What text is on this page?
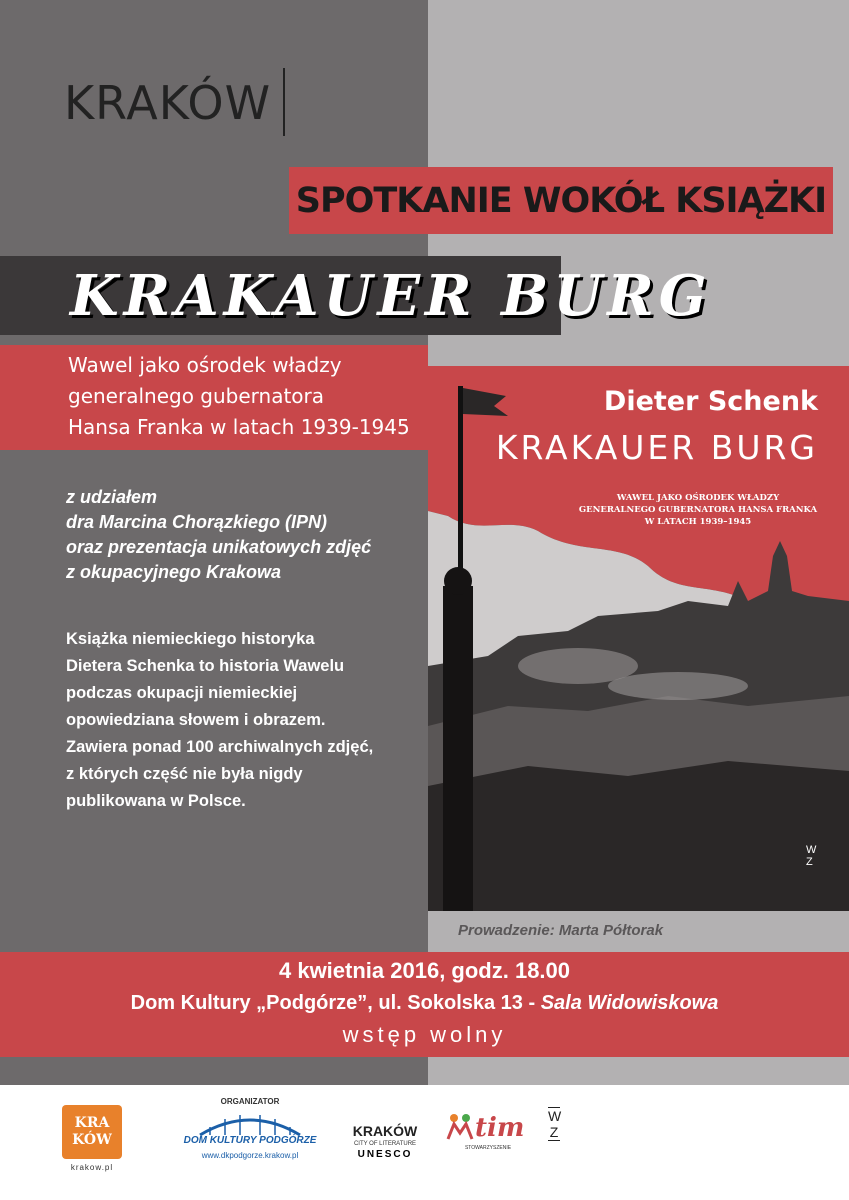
KRAKÓW
SPOTKANIE WOKÓŁ KSIĄŻKI
KRAKAUER BURG
Wawel jako ośrodek władzy
generalnego gubernatora
Hansa Franka w latach 1939-1945
z udziałem
dra Marcina Chorązkiego (IPN)
oraz prezentacja unikatowych zdjęć
z okupacyjnego Krakowa
Książka niemieckiego historyka
Dietera Schenka to historia Wawelu
podczas okupacji niemieckiej
opowiedziana słowem i obrazem.
Zawiera ponad 100 archiwalnych zdjęć,
z których część nie była nigdy
publikowana w Polsce.
Dieter Schenk
KRAKAUER BURG
WAWEL JAKO OŚRODEK WŁADZY
GENERALNEGO GUBERNATORA HANSA FRANKA
W LATACH 1939–1945
WZ
Prowadzenie: Marta Półtorak
4 kwietnia 2016, godz. 18.00
Dom Kultury „Podgórze”, ul. Sokolska 13 - Sala Widowiskowa
wstęp wolny
KRA
KÓW
krakow.pl
ORGANIZATOR
DOM KULTURY PODGÓRZE
www.dkpodgorze.krakow.pl
KRAKÓW
CITY OF LITERATURE
UNESCO
tim
STOWARZYSZENIE
WZ
